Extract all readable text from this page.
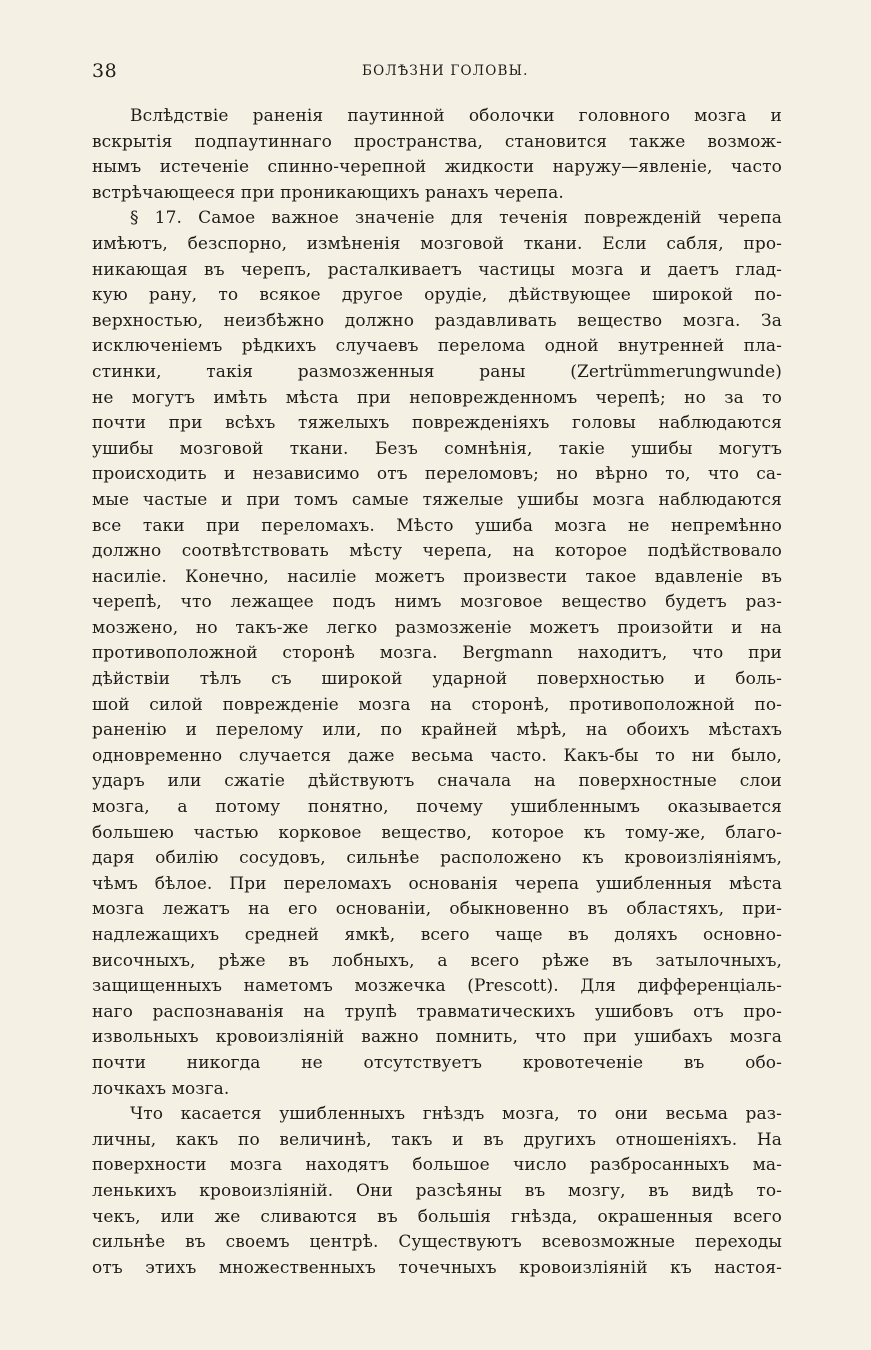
38	БОЛѢЗНИ ГОЛОВЫ.
Вслѣдствіе раненія паутинной оболочки головного мозга и
вскрытія подпаутиннаго пространства, становится также возмож-
нымъ истеченіе спинно-черепной жидкости наружу—явленіе, часто
встрѣчающееся при проникающихъ ранахъ черепа.
§ 17. Самое важное значеніе для теченія поврежденій черепа
имѣютъ, безспорно, измѣненія мозговой ткани. Если сабля, про-
никающая въ черепъ, расталкиваетъ частицы мозга и даетъ глад-
кую рану, то всякое другое орудіе, дѣйствующее широкой по-
верхностью, неизбѣжно должно раздавливать вещество мозга. За
исключеніемъ рѣдкихъ случаевъ перелома одной внутренней пла-
стинки, такія размозженныя раны (Zertrümmerungwunde)
не могутъ имѣть мѣста при неповрежденномъ черепѣ; но за то
почти при всѣхъ тяжелыхъ поврежденіяхъ головы наблюдаются
ушибы мозговой ткани. Безъ сомнѣнія, такіе ушибы могутъ
происходить и независимо отъ переломовъ; но вѣрно то, что са-
мые частые и при томъ самые тяжелые ушибы мозга наблюдаются
все таки при переломахъ. Мѣсто ушиба мозга не непремѣнно
должно соотвѣтствовать мѣсту черепа, на которое подѣйствовало
насиліе. Конечно, насиліе можетъ произвести такое вдавленіе въ
черепѣ, что лежащее подъ нимъ мозговое вещество будетъ раз-
мозжено, но такъ-же легко размозженіе можетъ произойти и на
противоположной сторонѣ мозга. Bergmann находитъ, что при
дѣйствіи тѣлъ съ широкой ударной поверхностью и боль-
шой силой поврежденіе мозга на сторонѣ, противоположной по-
раненію и перелому или, по крайней мѣрѣ, на обоихъ мѣстахъ
одновременно случается даже весьма часто. Какъ-бы то ни было,
ударъ или сжатіе дѣйствуютъ сначала на поверхностные слои
мозга, а потому понятно, почему ушибленнымъ оказывается
большею частью корковое вещество, которое къ тому-же, благо-
даря обилію сосудовъ, сильнѣе расположено къ кровоизліяніямъ,
чѣмъ бѣлое. При переломахъ основанія черепа ушибленныя мѣста
мозга лежатъ на его основаніи, обыкновенно въ областяхъ, при-
надлежащихъ средней ямкѣ, всего чаще въ доляхъ основно-
височныхъ, рѣже въ лобныхъ, а всего рѣже въ затылочныхъ,
защищенныхъ наметомъ мозжечка (Prescott). Для дифференціаль-
наго распознаванія на трупѣ травматическихъ ушибовъ отъ про-
извольныхъ кровоизліяній важно помнить, что при ушибахъ мозга
почти никогда не отсутствуетъ кровотеченіе въ обо-
лочкахъ мозга.
Что касается ушибленныхъ гнѣздъ мозга, то они весьма раз-
личны, какъ по величинѣ, такъ и въ другихъ отношеніяхъ. На
поверхности мозга находятъ большое число разбросанныхъ ма-
ленькихъ кровоизліяній. Они разсѣяны въ мозгу, въ видѣ то-
чекъ, или же сливаются въ большія гнѣзда, окрашенныя всего
сильнѣе въ своемъ центрѣ. Существуютъ всевозможные переходы
отъ этихъ множественныхъ точечныхъ кровоизліяній къ настоя-
